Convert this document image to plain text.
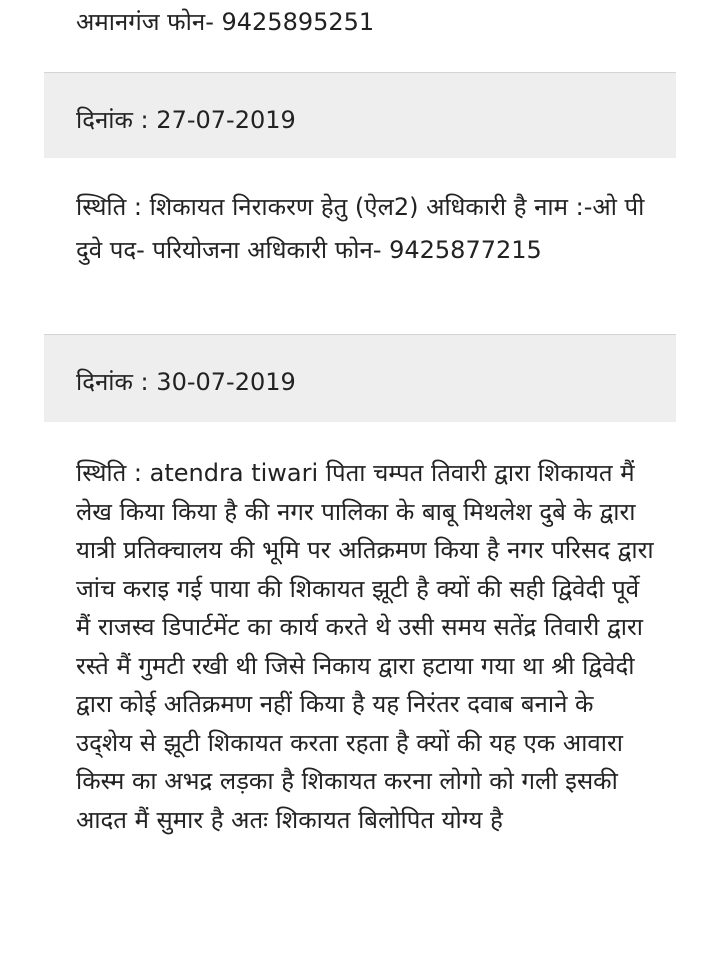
अमानगंज फोन- 9425895251
दिनांक : 27-07-2019
स्थिति : शिकायत निराकरण हेतु (ऐल2) अधिकारी है नाम :-ओ पी दुवे पद- परियोजना अधिकारी फोन- 9425877215
दिनांक : 30-07-2019
स्थिति : atendra tiwari पिता चम्पत तिवारी द्वारा शिकायत मैं लेख किया किया है की नगर पालिका के बाबू मिथलेश दुबे के द्वारा यात्री प्रतिक्चालय की भूमि पर अतिक्रमण किया है नगर परिसद द्वारा जांच कराइ गई पाया की शिकायत झूटी है क्यों की सही द्विवेदी पूर्वे मैं राजस्व डिपार्टमेंट का कार्य करते थे उसी समय सतेंद्र तिवारी द्वारा रस्ते मैं गुमटी रखी थी जिसे निकाय द्वारा हटाया गया था श्री द्विवेदी द्वारा कोई अतिक्रमण नहीं किया है यह निरंतर दवाब बनाने के उद्शेय से झूटी शिकायत करता रहता है क्यों की यह एक आवारा किस्म का अभद्र लड़का है शिकायत करना लोगो को गली इसकी आदत मैं सुमार है अतः शिकायत बिलोपित योग्य है
